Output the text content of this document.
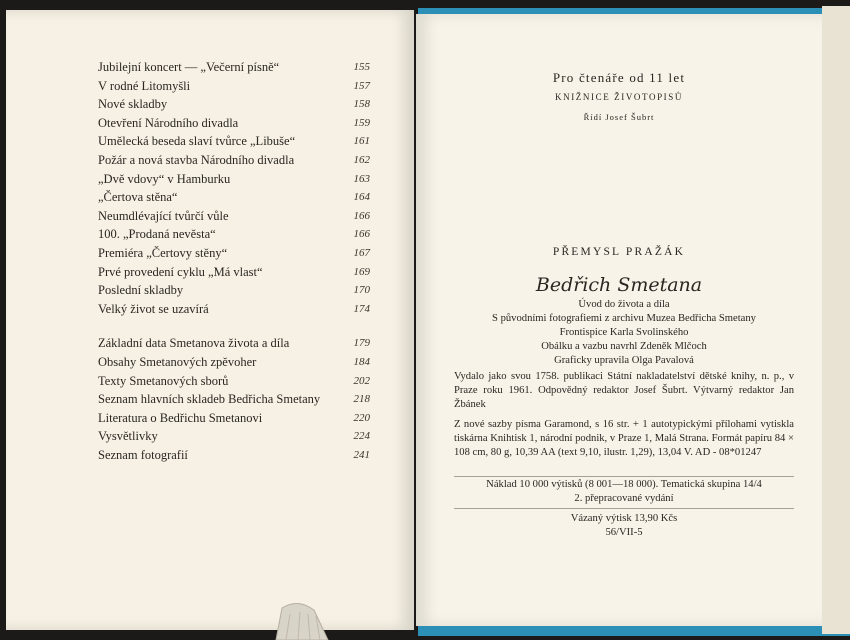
Jubilejní koncert — „Večerní písně“	155
V rodné Litomyšli	157
Nové skladby	158
Otevření Národního divadla	159
Umělecká beseda slaví tvůrce „Libuše“	161
Požár a nová stavba Národního divadla	162
„Dvě vdovy“ v Hamburku	163
„Čertova stěna“	164
Neumdlévající tvůrčí vůle	166
100. „Prodaná nevěsta“	166
Premiéra „Čertovy stěny“	167
Prvé provedení cyklu „Má vlast“	169
Poslední skladby	170
Velký život se uzavírá	174
Základní data Smetanova života a díla	179
Obsahy Smetanových zpěvoher	184
Texty Smetanových sborů	202
Seznam hlavních skladeb Bedřicha Smetany	218
Literatura o Bedřichu Smetanovi	220
Vysvětlivky	224
Seznam fotografií	241
Pro čtenáře od 11 let
KNIŽNICE ŽIVOTOPISŮ
Řídí Josef Šubrt
PŘEMYSL PRAŽÁK
Bedřich Smetana
Úvod do života a díla
S původními fotografiemi z archivu Muzea Bedřicha Smetany
Frontispice Karla Svolinského
Obálku a vazbu navrhl Zdeněk Mlčoch
Graficky upravila Olga Pavalová
Vydalo jako svou 1758. publikaci Státní nakladatelství dětské knihy, n. p., v Praze roku 1961. Odpovědný redaktor Josef Šubrt. Výtvarný redaktor Jan Žbánek
Z nové sazby písma Garamond, s 16 str. + 1 autotypickými přílohami vytiskla tiskárna Knihtisk 1, národní podnik, v Praze 1, Malá Strana. Formát papíru 84 × 108 cm, 80 g, 10,39 AA (text 9,10, ilustr. 1,29), 13,04 V. AD - 08*01247
Náklad 10 000 výtisků (8 001—18 000). Tematická skupina 14/4
2. přepracované vydání
Vázaný výtisk 13,90 Kčs
56/VII-5
